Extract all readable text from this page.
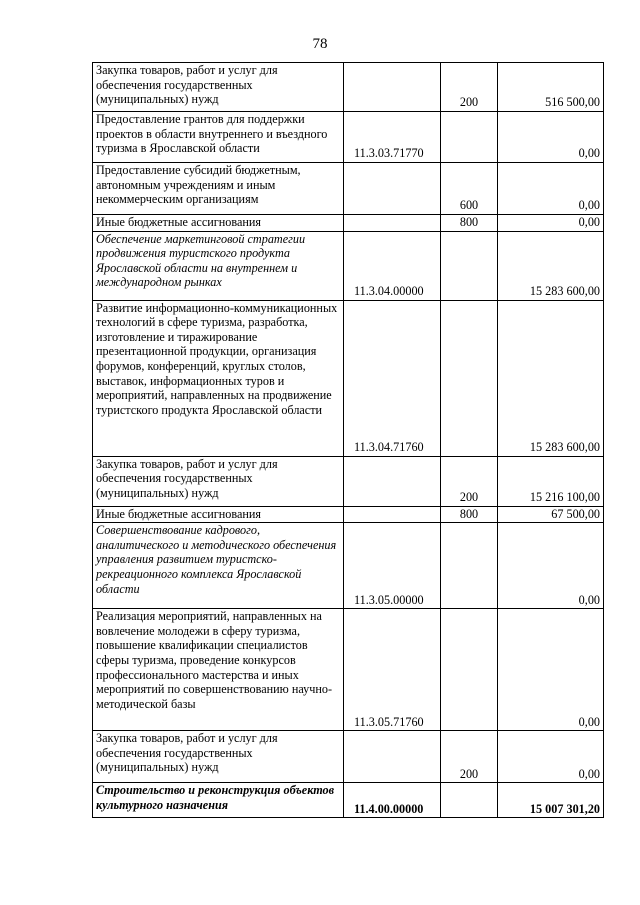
78
Закупка товаров, работ и услуг для обеспечения государственных (муниципальных) нужд		200	516 500,00
Предоставление грантов для поддержки проектов в области внутреннего и въездного туризма в Ярославской области	11.3.03.71770		0,00
Предоставление субсидий бюджетным, автономным учреждениям и иным некоммерческим организациям		600	0,00
Иные бюджетные ассигнования		800	0,00
Обеспечение маркетинговой стратегии продвижения туристского продукта Ярославской области на внутреннем и международном рынках	11.3.04.00000		15 283 600,00
Развитие информационно-коммуникационных технологий в сфере туризма, разработка, изготовление и тиражирование презентационной продукции, организация форумов, конференций, круглых столов, выставок, информационных туров и мероприятий, направленных на продвижение туристского продукта Ярославской области	11.3.04.71760		15 283 600,00
Закупка товаров, работ и услуг для обеспечения государственных (муниципальных) нужд		200	15 216 100,00
Иные бюджетные ассигнования		800	67 500,00
Совершенствование кадрового, аналитического и методического обеспечения управления развитием туристско-рекреационного комплекса Ярославской области	11.3.05.00000		0,00
Реализация мероприятий, направленных на вовлечение молодежи в сферу туризма, повышение квалификации специалистов сферы туризма, проведение конкурсов профессионального мастерства и иных мероприятий по совершенствованию научно-методической базы	11.3.05.71760		0,00
Закупка товаров, работ и услуг для обеспечения государственных (муниципальных) нужд		200	0,00
Строительство и реконструкция объектов культурного назначения	11.4.00.00000		15 007 301,20
